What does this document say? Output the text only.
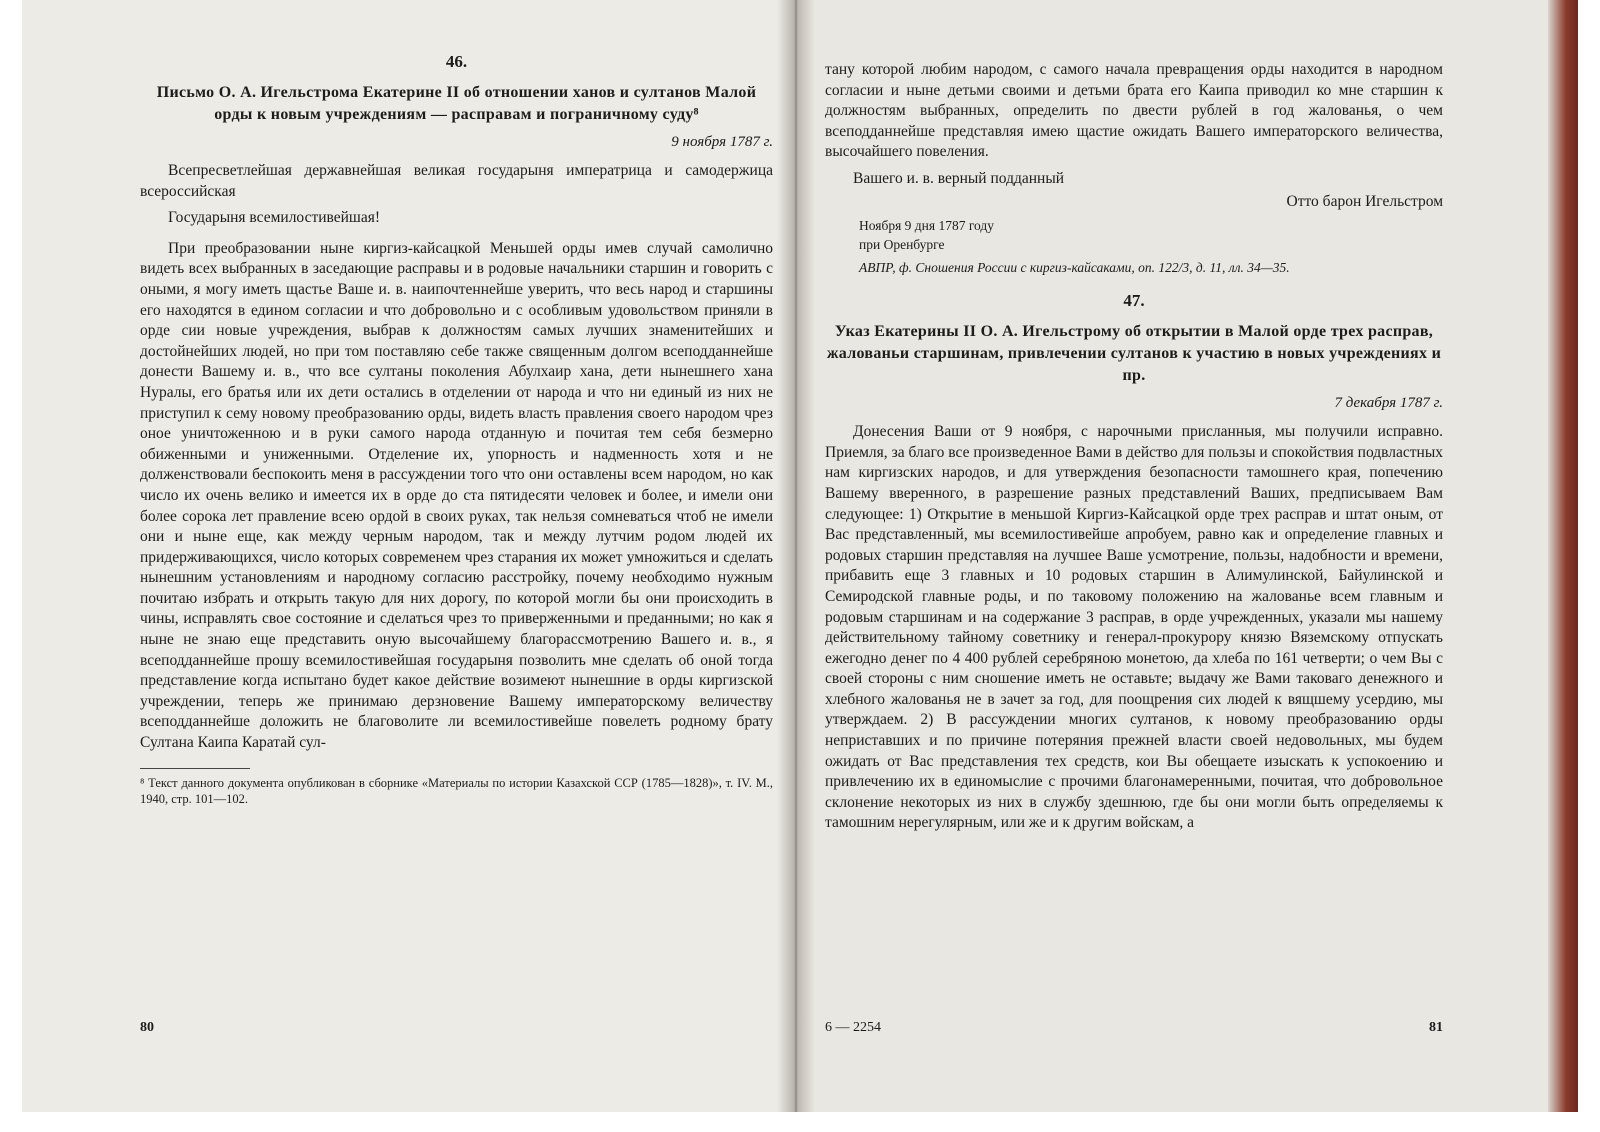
46.
Письмо О. А. Игельстрома Екатерине II об отношении ханов и султанов Малой орды к новым учреждениям — расправам и пограничному суду⁸
9 ноября 1787 г.
Всепресветлейшая державнейшая великая государыня императрица и самодержица всероссийская
Государыня всемилостивейшая!
При преобразовании ныне киргиз-кайсацкой Меньшей орды имев случай самолично видеть всех выбранных в заседающие расправы и в родовые начальники старшин и говорить с оными, я могу иметь щастье Ваше и. в. наипочтеннейше уверить, что весь народ и старшины его находятся в едином согласии и что добровольно и с особливым удовольством приняли в орде сии новые учреждения, выбрав к должностям самых лучших знаменитейших и достойнейших людей, но при том поставляю себе также священным долгом всеподданнейше донести Вашему и. в., что все султаны поколения Абулхаир хана, дети нынешнего хана Нуралы, его братья или их дети остались в отделении от народа и что ни единый из них не приступил к сему новому преобразованию орды, видеть власть правления своего народом чрез оное уничтоженною и в руки самого народа отданную и почитая тем себя безмерно обиженными и униженными. Отделение их, упорность и надменность хотя и не долженствовали беспокоить меня в рассуждении того что они оставлены всем народом, но как число их очень велико и имеется их в орде до ста пятидесяти человек и более, и имели они более сорока лет правление всею ордой в своих руках, так нельзя сомневаться чтоб не имели они и ныне еще, как между черным народом, так и между лутчим родом людей их придерживающихся, число которых современем чрез старания их может умножиться и сделать нынешним установлениям и народному согласию расстройку, почему необходимо нужным почитаю избрать и открыть такую для них дорогу, по которой могли бы они происходить в чины, исправлять свое состояние и сделаться чрез то приверженными и преданными; но как я ныне не знаю еще представить оную высочайшему благорассмотрению Вашего и. в., я всеподданнейше прошу всемилостивейшая государыня позволить мне сделать об оной тогда представление когда испытано будет какое действие возимеют нынешние в орды киргизской учреждении, теперь же принимаю дерзновение Вашему императорскому величеству всеподданнейше доложить не благоволите ли всемилостивейше повелеть родному брату Султана Каипа Каратай сул-
⁸ Текст данного документа опубликован в сборнике «Материалы по истории Казахской ССР (1785—1828)», т. IV. М., 1940, стр. 101—102.
80
тану которой любим народом, с самого начала превращения орды находится в народном согласии и ныне детьми своими и детьми брата его Каипа приводил ко мне старшин к должностям выбранных, определить по двести рублей в год жалованья, о чем всеподданнейше представляя имею щастие ожидать Вашего императорского величества, высочайшего повеления.
Вашего и. в. верный подданный
Отто барон Игельстром
Ноября 9 дня 1787 году
при Оренбурге
АВПР, ф. Сношения России с киргиз-кайсаками, оп. 122/3, д. 11, лл. 34—35.
47.
Указ Екатерины II О. А. Игельстрому об открытии в Малой орде трех расправ, жалованьи старшинам, привлечении султанов к участию в новых учреждениях и пр.
7 декабря 1787 г.
Донесения Ваши от 9 ноября, с нарочными присланныя, мы получили исправно. Приемля, за благо все произведенное Вами в действо для пользы и спокойствия подвластных нам киргизских народов, и для утверждения безопасности тамошнего края, попечению Вашему вверенного, в разрешение разных представлений Ваших, предписываем Вам следующее: 1) Открытие в меньшой Киргиз-Кайсацкой орде трех расправ и штат оным, от Вас представленный, мы всемилостивейше апробуем, равно как и определение главных и родовых старшин представляя на лучшее Ваше усмотрение, пользы, надобности и времени, прибавить еще 3 главных и 10 родовых старшин в Алимулинской, Байулинской и Семиродской главные роды, и по таковому положению на жалованье всем главным и родовым старшинам и на содержание 3 расправ, в орде учрежденных, указали мы нашему действительному тайному советнику и генерал-прокурору князю Вяземскому отпускать ежегодно денег по 4 400 рублей серебряною монетою, да хлеба по 161 четверти; о чем Вы с своей стороны с ним сношение иметь не оставьте; выдачу же Вами таковаго денежного и хлебного жалованья не в зачет за год, для поощрения сих людей к вящшему усердию, мы утверждаем. 2) В рассуждении многих султанов, к новому преобразованию орды неприставших и по причине потеряния прежней власти своей недовольных, мы будем ожидать от Вас представления тех средств, кои Вы обещаете изыскать к успокоению и привлечению их в единомыслие с прочими благонамеренными, почитая, что добровольное склонение некоторых из них в службу здешнюю, где бы они могли быть определяемы к тамошним нерегулярным, или же и к другим войскам, а
6 — 2254	81
